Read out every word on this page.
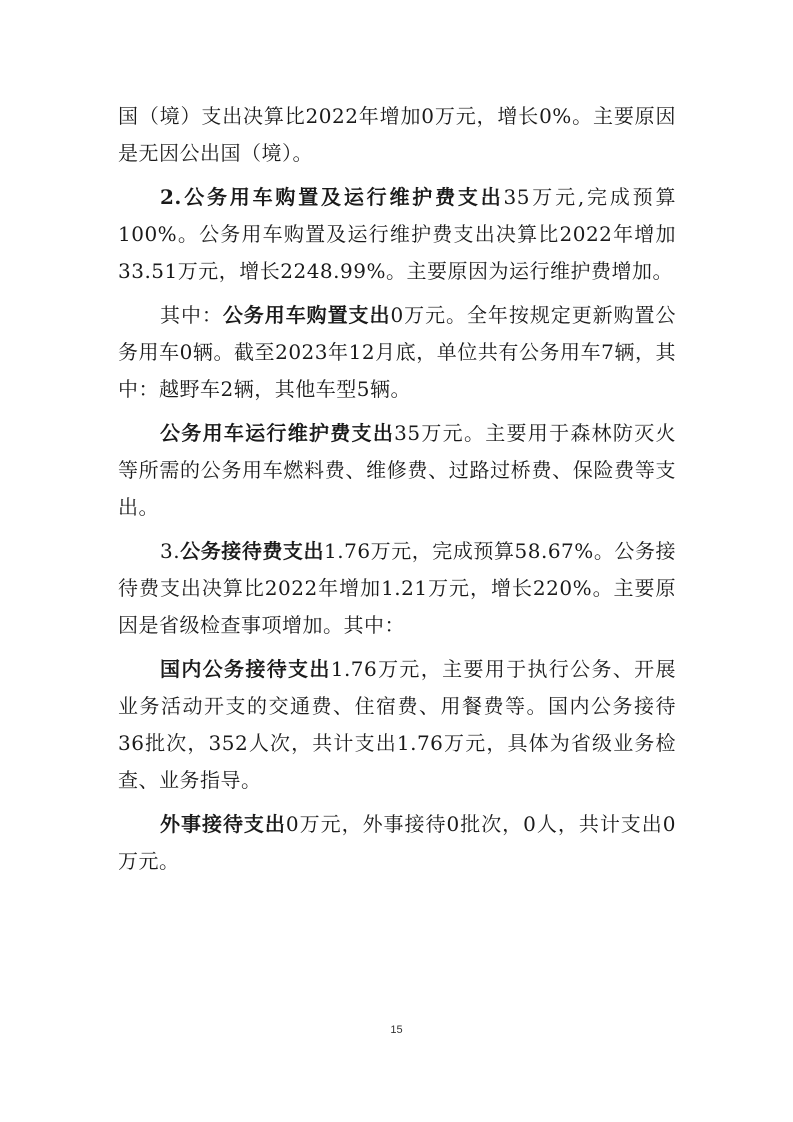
国（境）支出决算比2022年增加0万元，增长0%。主要原因是无因公出国（境）。

2.公务用车购置及运行维护费支出35万元,完成预算100%。公务用车购置及运行维护费支出决算比2022年增加33.51万元，增长2248.99%。主要原因为运行维护费增加。

其中：公务用车购置支出0万元。全年按规定更新购置公务用车0辆。截至2023年12月底，单位共有公务用车7辆，其中：越野车2辆，其他车型5辆。

公务用车运行维护费支出35万元。主要用于森林防灭火等所需的公务用车燃料费、维修费、过路过桥费、保险费等支出。

3.公务接待费支出1.76万元，完成预算58.67%。公务接待费支出决算比2022年增加1.21万元，增长220%。主要原因是省级检查事项增加。其中：

国内公务接待支出1.76万元，主要用于执行公务、开展业务活动开支的交通费、住宿费、用餐费等。国内公务接待36批次，352人次，共计支出1.76万元，具体为省级业务检查、业务指导。

外事接待支出0万元，外事接待0批次，0人，共计支出0万元。

15
